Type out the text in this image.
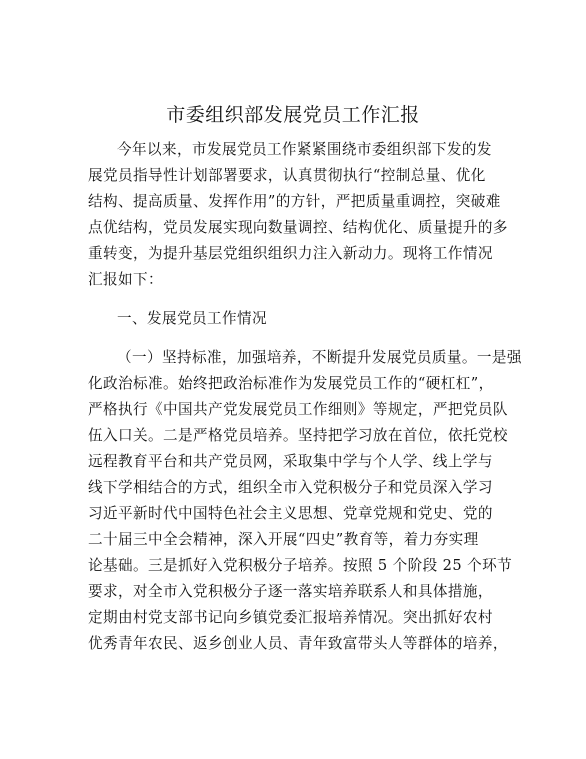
市委组织部发展党员工作汇报
今年以来，市发展党员工作紧紧围绕市委组织部下发的发
展党员指导性计划部署要求，认真贯彻执行“控制总量、优化
结构、提高质量、发挥作用”的方针，严把质量重调控，突破难
点优结构，党员发展实现向数量调控、结构优化、质量提升的多
重转变，为提升基层党组织组织力注入新动力。现将工作情况
汇报如下：
一、发展党员工作情况
（一）坚持标准，加强培养，不断提升发展党员质量。一是强
化政治标准。始终把政治标准作为发展党员工作的“硬杠杠”，
严格执行《中国共产党发展党员工作细则》等规定，严把党员队
伍入口关。二是严格党员培养。坚持把学习放在首位，依托党校
远程教育平台和共产党员网，采取集中学与个人学、线上学与
线下学相结合的方式，组织全市入党积极分子和党员深入学习
习近平新时代中国特色社会主义思想、党章党规和党史、党的
二十届三中全会精神，深入开展“四史”教育等，着力夯实理
论基础。三是抓好入党积极分子培养。按照 5 个阶段 25 个环节
要求，对全市入党积极分子逐一落实培养联系人和具体措施，
定期由村党支部书记向乡镇党委汇报培养情况。突出抓好农村
优秀青年农民、返乡创业人员、青年致富带头人等群体的培养，
